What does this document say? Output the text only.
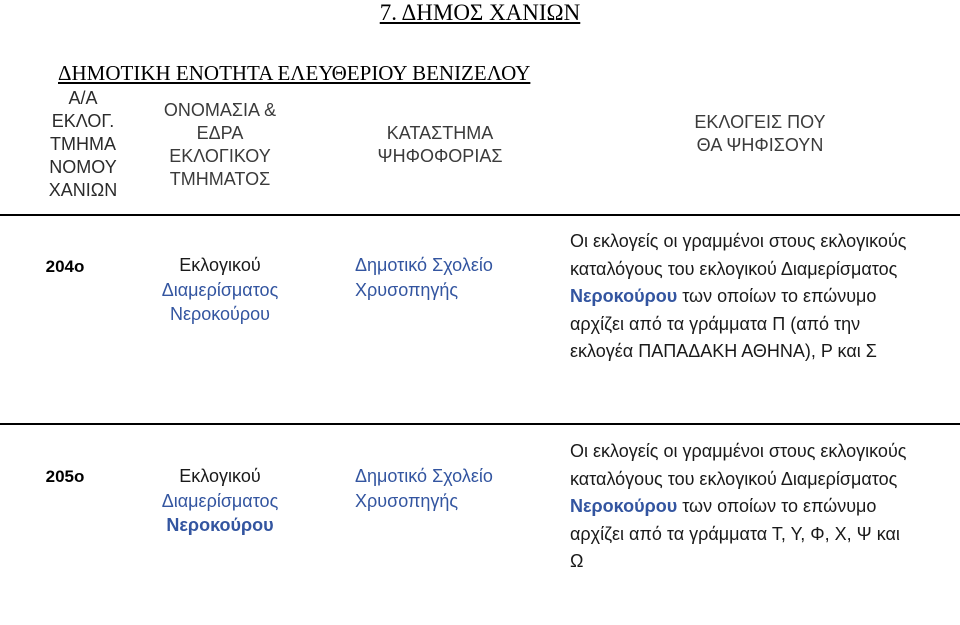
7. ΔΗΜΟΣ ΧΑΝΙΩΝ
ΔΗΜΟΤΙΚΗ ΕΝΟΤΗΤΑ ΕΛΕΥΘΕΡΙΟΥ ΒΕΝΙΖΕΛΟΥ
Α/Α
ΕΚΛΟΓ.
ΤΜΗΜΑ
ΝΟΜΟΥ
ΧΑΝΙΩΝ
ΟΝΟΜΑΣΙΑ &
ΕΔΡΑ
ΕΚΛΟΓΙΚΟΥ
ΤΜΗΜΑΤΟΣ
ΚΑΤΑΣΤΗΜΑ
ΨΗΦΟΦΟΡΙΑΣ
ΕΚΛΟΓΕΙΣ ΠΟΥ
ΘΑ ΨΗΦΙΣΟΥΝ
204ο	Εκλογικού
Διαμερίσματος
Νεροκούρου
Δημοτικό Σχολείο
Χρυσοπηγής
Οι εκλογείς οι γραμμένοι στους εκλογικούς
καταλόγους του εκλογικού Διαμερίσματος
Νεροκούρου των οποίων το επώνυμο
αρχίζει από τα γράμματα Π (από την
εκλογέα ΠΑΠΑΔΑΚΗ ΑΘΗΝΑ), Ρ και Σ
205ο	Εκλογικού
Διαμερίσματος
Νεροκούρου
Δημοτικό Σχολείο
Χρυσοπηγής
Οι εκλογείς οι γραμμένοι στους εκλογικούς
καταλόγους του εκλογικού Διαμερίσματος
Νεροκούρου των οποίων το επώνυμο
αρχίζει από τα γράμματα Τ, Υ, Φ, Χ, Ψ και
Ω
